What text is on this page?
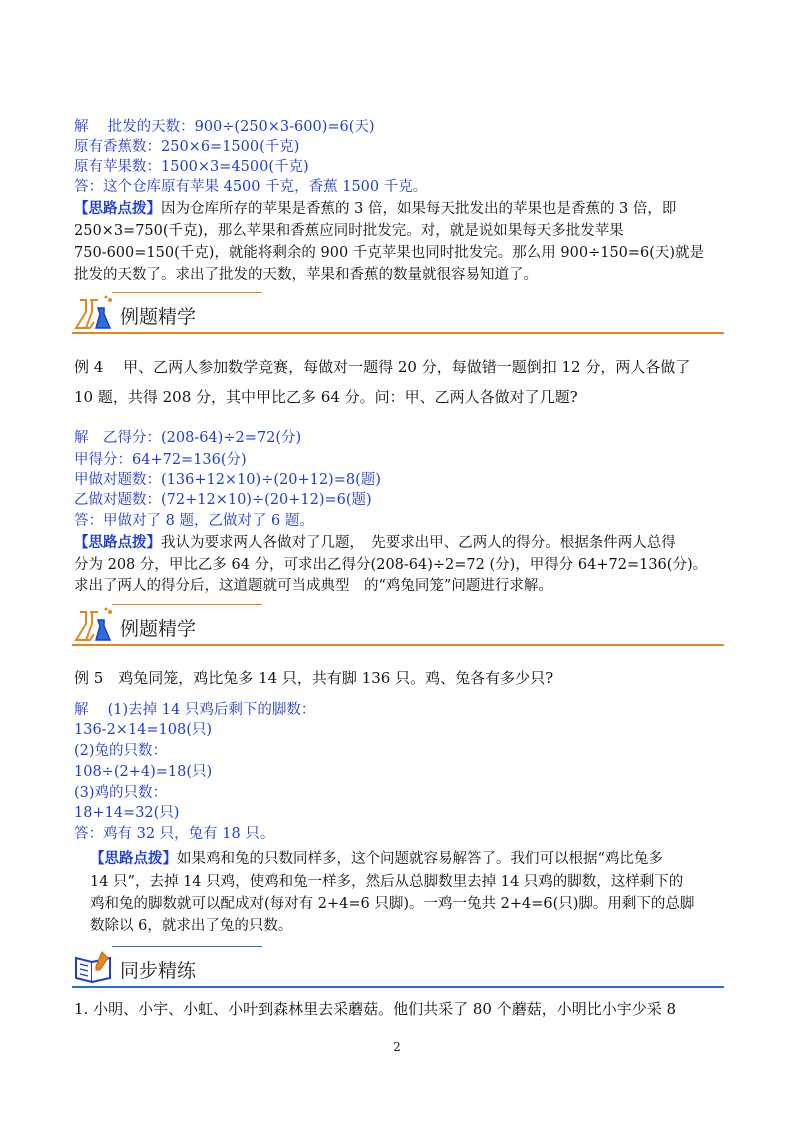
解　 批发的天数：900÷(250×3-600)=6(天)
原有香蕉数：250×6=1500(千克)
原有苹果数：1500×3=4500(千克)
答：这个仓库原有苹果 4500 千克，香蕉 1500 千克。
【思路点拨】因为仓库所存的苹果是香蕉的 3 倍，如果每天批发出的苹果也是香蕉的 3 倍，即
250×3=750(千克)，那么苹果和香蕉应同时批发完。对，就是说如果每天多批发苹果
750-600=150(千克)，就能将剩余的 900 千克苹果也同时批发完。那么用 900÷150=6(天)就是
批发的天数了。求出了批发的天数，苹果和香蕉的数量就很容易知道了。
例题精学
例 4　 甲、乙两人参加数学竞赛，每做对一题得 20 分，每做错一题倒扣 12 分，两人各做了
10 题，共得 208 分，其中甲比乙多 64 分。问：甲、乙两人各做对了几题?
解　乙得分：(208-64)÷2=72(分)
甲得分：64+72=136(分)
甲做对题数：(136+12×10)÷(20+12)=8(题)
乙做对题数：(72+12×10)÷(20+12)=6(题)
答：甲做对了 8 题，乙做对了 6 题。
【思路点拨】我认为要求两人各做对了几题，　先要求出甲、乙两人的得分。根据条件两人总得
分为 208 分，甲比乙多 64 分，可求出乙得分(208-64)÷2=72 (分)，甲得分 64+72=136(分)。
求出了两人的得分后，这道题就可当成典型　的“鸡兔同笼”问题进行求解。
例题精学
例 5　鸡兔同笼，鸡比兔多 14 只，共有脚 136 只。鸡、兔各有多少只?
解　 (1)去掉 14 只鸡后剩下的脚数：
136-2×14=108(只)
(2)兔的只数：
108÷(2+4)=18(只)
(3)鸡的只数：
18+14=32(只)
答：鸡有 32 只，兔有 18 只。
【思路点拨】如果鸡和兔的只数同样多，这个问题就容易解答了。我们可以根据“鸡比兔多
14 只”，去掉 14 只鸡，使鸡和兔一样多，然后从总脚数里去掉 14 只鸡的脚数，这样剩下的
鸡和兔的脚数就可以配成对(每对有 2+4=6 只脚)。一鸡一兔共 2+4=6(只)脚。用剩下的总脚
数除以 6，就求出了兔的只数。
同步精练
1. 小明、小宇、小虹、小叶到森林里去采蘑菇。他们共采了 80 个蘑菇，小明比小宇少采 8
2
